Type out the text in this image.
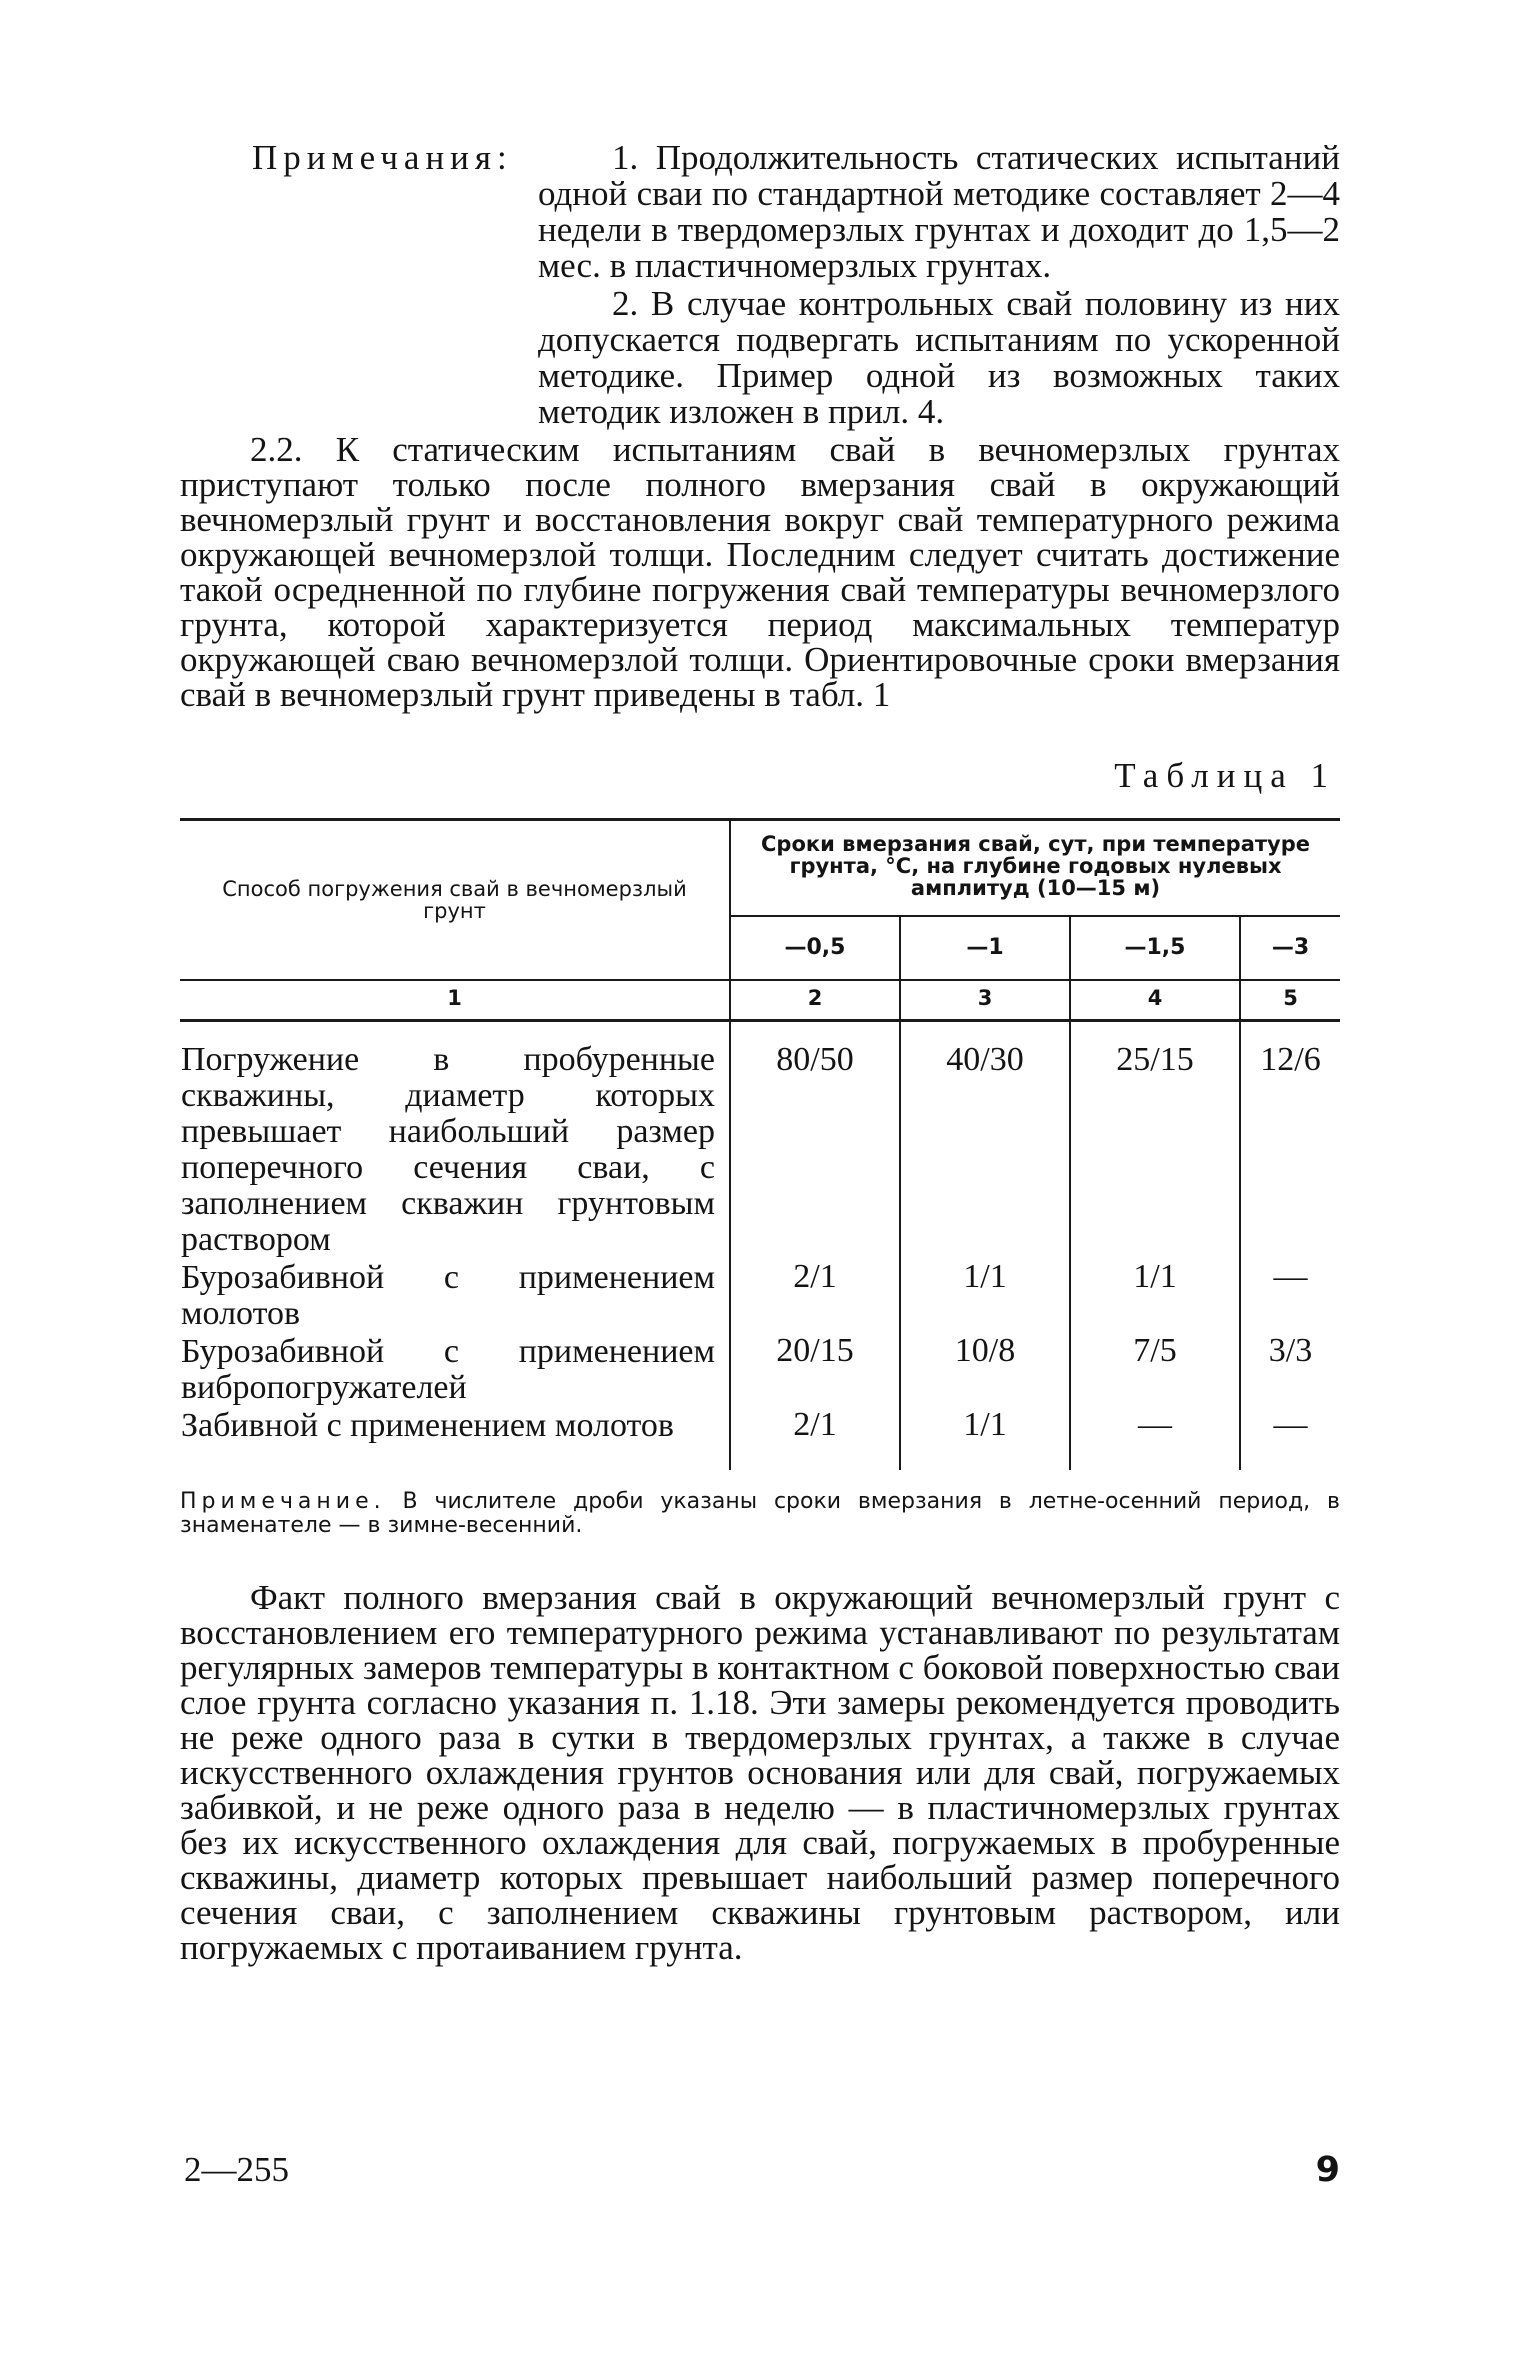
Примечания:	1. Продолжительность статических испытаний одной сваи по стандартной методике составляет 2—4 недели в твердомерзлых грунтах и доходит до 1,5—2 мес. в пластичномерзлых грунтах.

2. В случае контрольных свай половину из них допускается подвергать испытаниям по ускоренной методике. Пример одной из возможных таких методик изложен в прил. 4.

2.2. К статическим испытаниям свай в вечномерзлых грунтах приступают только после полного вмерзания свай в окружающий вечномерзлый грунт и восстановления вокруг свай температурного режима окружающей вечномерзлой толщи. Последним следует считать достижение такой осредненной по глубине погружения свай температуры вечномерзлого грунта, которой характеризуется период максимальных температур окружающей сваю вечномерзлой толщи. Ориентировочные сроки вмерзания свай в вечномерзлый грунт приведены в табл. 1

Таблица 1
Способ погружения свай в вечномерзлый грунт	Сроки вмерзания свай, сут, при температуре грунта, °С, на глубине годовых нулевых амплитуд (10—15 м)			
	—0,5	—1	—1,5	—3
1	2	3	4	5
Погружение в пробуренные скважины, диаметр которых превышает наибольший размер поперечного сечения сваи, с заполнением скважин грунтовым раствором	80/50	40/30	25/15	12/6
Бурозабивной с применением молотов	2/1	1/1	1/1	—
Бурозабивной с применением вибропогружателей	20/15	10/8	7/5	3/3
Забивной с применением молотов	2/1	1/1	—	—

Примечание. В числителе дроби указаны сроки вмерзания в летне-осенний период, в знаменателе — в зимне-весенний.

Факт полного вмерзания свай в окружающий вечномерзлый грунт с восстановлением его температурного режима устанавливают по результатам регулярных замеров температуры в контактном с боковой поверхностью сваи слое грунта согласно указания п. 1.18. Эти замеры рекомендуется проводить не реже одного раза в сутки в твердомерзлых грунтах, а также в случае искусственного охлаждения грунтов основания или для свай, погружаемых забивкой, и не реже одного раза в неделю — в пластичномерзлых грунтах без их искусственного охлаждения для свай, погружаемых в пробуренные скважины, диаметр которых превышает наибольший размер поперечного сечения сваи, с заполнением скважины грунтовым раствором, или погружаемых с протаиванием грунта.

2—255	9
